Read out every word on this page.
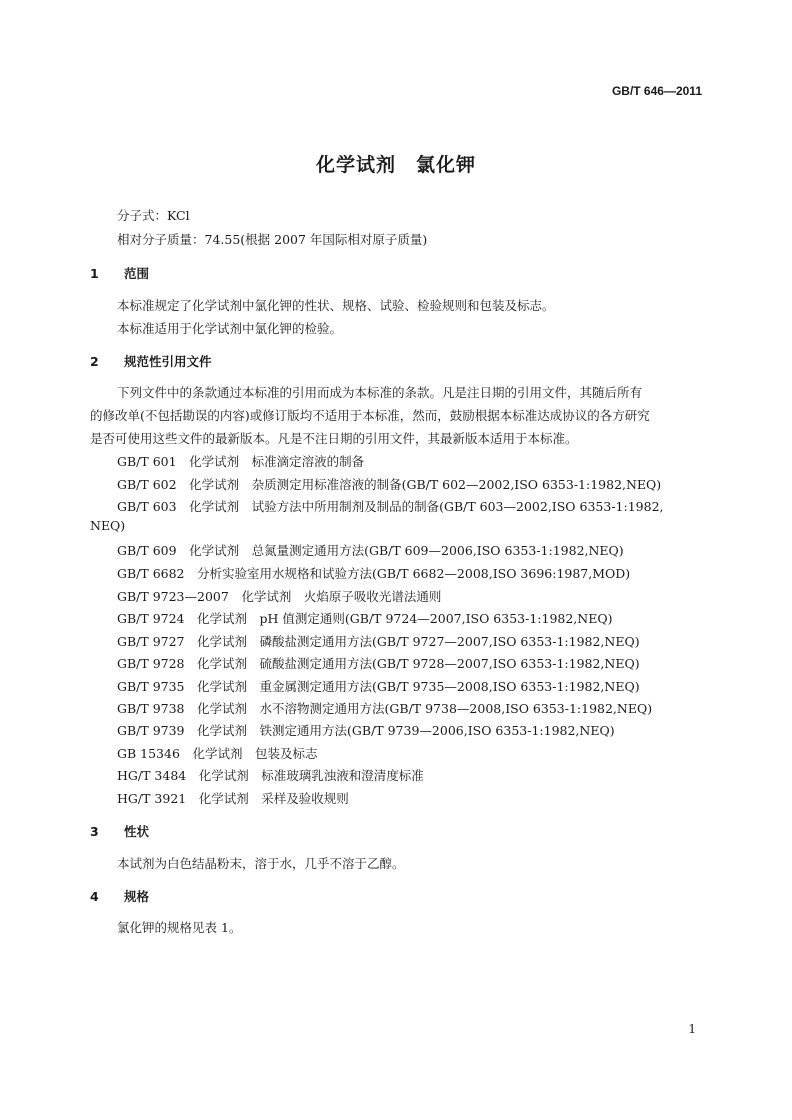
GB/T 646—2011
化学试剂　氯化钾
分子式：KCl
相对分子质量：74.55(根据 2007 年国际相对原子质量)
1 范围
本标准规定了化学试剂中氯化钾的性状、规格、试验、检验规则和包装及标志。
本标准适用于化学试剂中氯化钾的检验。
2 规范性引用文件
下列文件中的条款通过本标准的引用而成为本标准的条款。凡是注日期的引用文件，其随后所有
的修改单(不包括勘误的内容)或修订版均不适用于本标准，然而，鼓励根据本标准达成协议的各方研究
是否可使用这些文件的最新版本。凡是不注日期的引用文件，其最新版本适用于本标准。
GB/T 601　 化学试剂　标准滴定溶液的制备
GB/T 602　 化学试剂　杂质测定用标准溶液的制备(GB/T 602—2002,ISO 6353-1:1982,NEQ)
GB/T 603　 化学试剂　试验方法中所用制剂及制品的制备(GB/T 603—2002,ISO 6353-1:1982,
NEQ)
GB/T 609　 化学试剂　总氮量测定通用方法(GB/T 609—2006,ISO 6353-1:1982,NEQ)
GB/T 6682　 分析实验室用水规格和试验方法(GB/T 6682—2008,ISO 3696:1987,MOD)
GB/T 9723—2007　 化学试剂　火焰原子吸收光谱法通则
GB/T 9724　 化学试剂　pH 值测定通则(GB/T 9724—2007,ISO 6353-1:1982,NEQ)
GB/T 9727　 化学试剂　磷酸盐测定通用方法(GB/T 9727—2007,ISO 6353-1:1982,NEQ)
GB/T 9728　 化学试剂　硫酸盐测定通用方法(GB/T 9728—2007,ISO 6353-1:1982,NEQ)
GB/T 9735　 化学试剂　重金属测定通用方法(GB/T 9735—2008,ISO 6353-1:1982,NEQ)
GB/T 9738　 化学试剂　水不溶物测定通用方法(GB/T 9738—2008,ISO 6353-1:1982,NEQ)
GB/T 9739　 化学试剂　铁测定通用方法(GB/T 9739—2006,ISO 6353-1:1982,NEQ)
GB 15346　 化学试剂　包装及标志
HG/T 3484　 化学试剂　标准玻璃乳浊液和澄清度标准
HG/T 3921　 化学试剂　采样及验收规则
3 性状
本试剂为白色结晶粉末，溶于水，几乎不溶于乙醇。
4 规格
氯化钾的规格见表 1。
1
